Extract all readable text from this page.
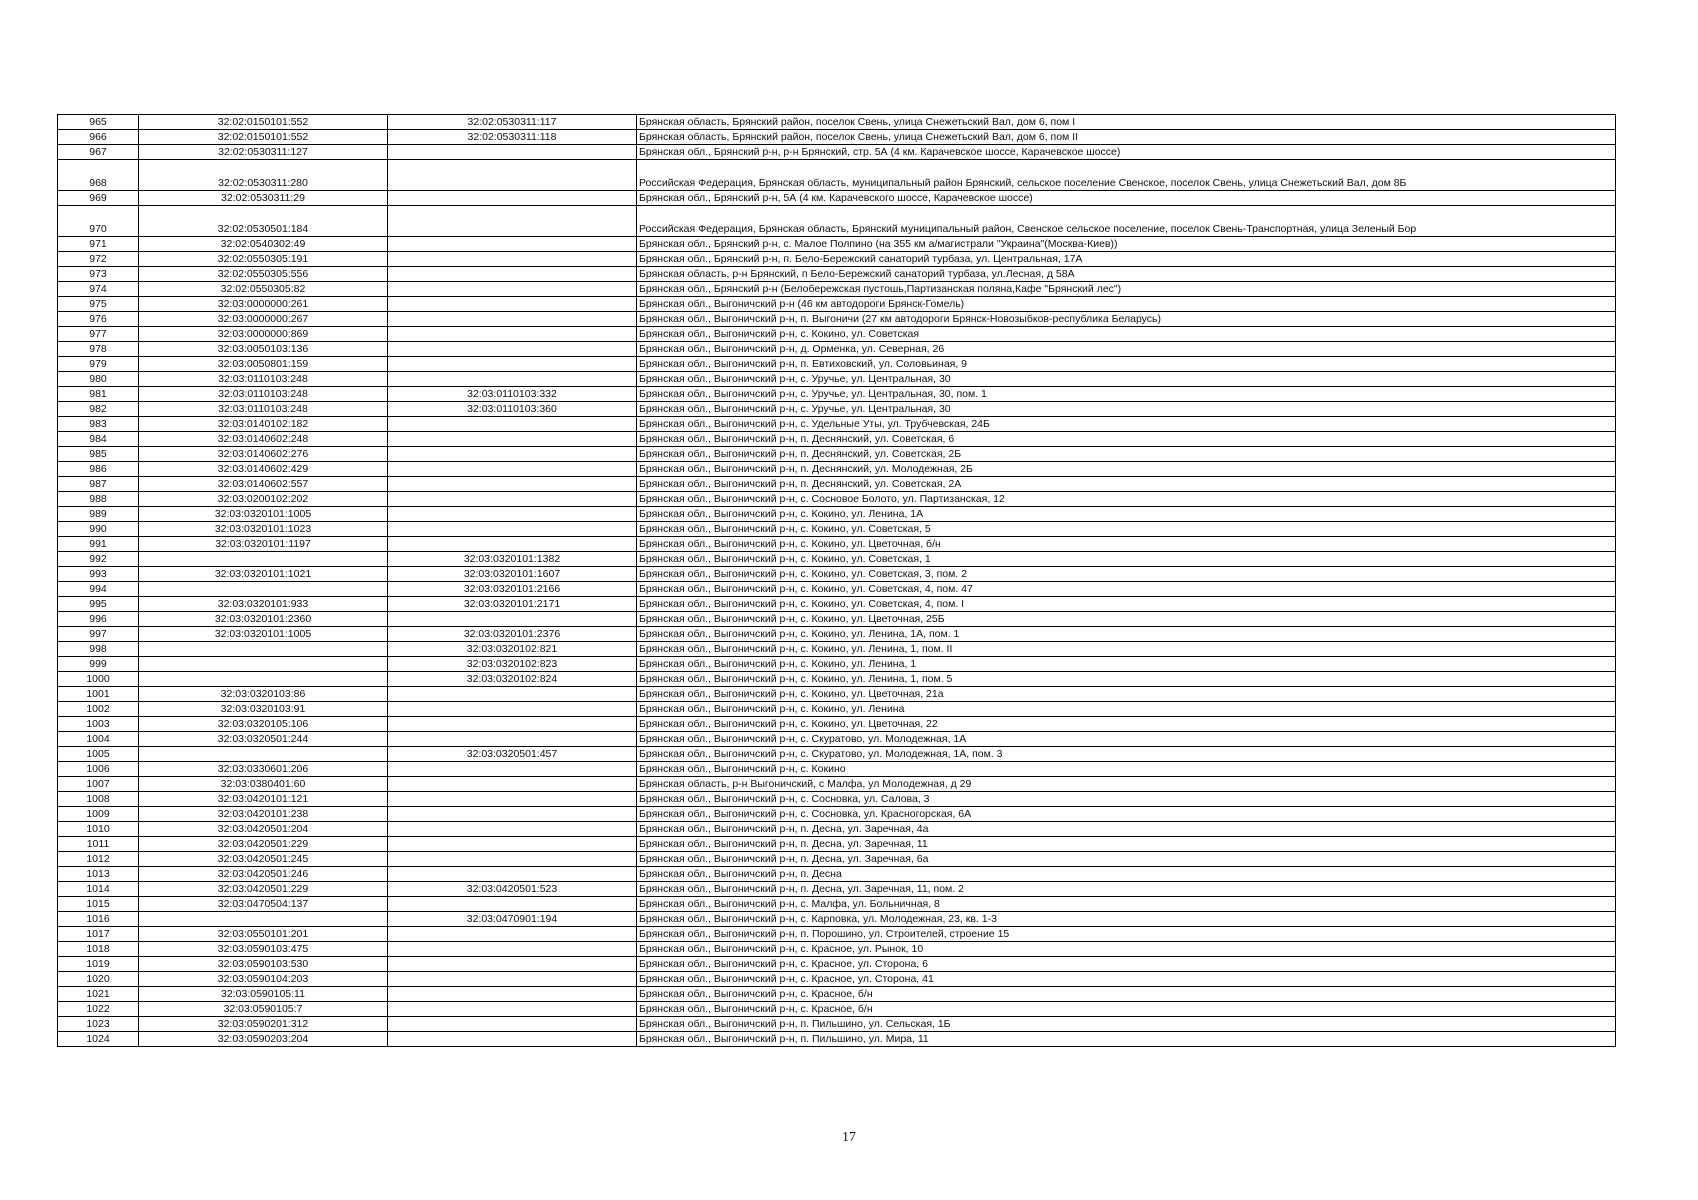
965	32:02:0150101:552	32:02:0530311:117	Брянская область, Брянский район, поселок Свень, улица Снежетьский Вал, дом 6, пом I
966	32:02:0150101:552	32:02:0530311:118	Брянская область, Брянский район, поселок Свень, улица Снежетьский Вал, дом 6, пом II
967	32:02:0530311:127		Брянская обл., Брянский р-н, р-н Брянский, стр. 5А (4 км. Карачевское шоссе, Карачевское шоссе)
968	32:02:0530311:280		Российская Федерация, Брянская область, муниципальный район Брянский, сельское поселение Свенское, поселок Свень, улица Снежетьский Вал, дом 8Б
969	32:02:0530311:29		Брянская обл., Брянский р-н, 5А (4 км. Карачевского шоссе, Карачевское шоссе)
970	32:02:0530501:184		Российская Федерация, Брянская область, Брянский муниципальный район, Свенское сельское поселение, поселок Свень-Транспортная, улица Зеленый Бор
971	32:02:0540302:49		Брянская обл., Брянский р-н, с. Малое Полпино (на 355 км а/магистрали "Украина"(Москва-Киев))
972	32:02:0550305:191		Брянская обл., Брянский р-н, п. Бело-Бережский санаторий турбаза, ул. Центральная, 17А
973	32:02:0550305:556		Брянская область, р-н Брянский, п Бело-Бережский санаторий турбаза, ул.Лесная, д 58А
974	32:02:0550305:82		Брянская обл., Брянский р-н (Белобережская пустошь,Партизанская поляна,Кафе "Брянский лес")
975	32:03:0000000:261		Брянская обл., Выгоничский р-н (46 км автодороги Брянск-Гомель)
976	32:03:0000000:267		Брянская обл., Выгоничский р-н, п. Выгоничи (27 км автодороги Брянск-Новозыбков-республика Беларусь)
977	32:03:0000000:869		Брянская обл., Выгоничский р-н, с. Кокино, ул. Советская
978	32:03:0050103:136		Брянская обл., Выгоничский р-н, д. Орменка, ул. Северная, 26
979	32:03:0050801:159		Брянская обл., Выгоничский р-н, п. Евтиховский, ул. Соловьиная, 9
980	32:03:0110103:248		Брянская обл., Выгоничский р-н, с. Уручье, ул. Центральная, 30
981	32:03:0110103:248	32:03:0110103:332	Брянская обл., Выгоничский р-н, с. Уручье, ул. Центральная, 30, пом. 1
982	32:03:0110103:248	32:03:0110103:360	Брянская обл., Выгоничский р-н, с. Уручье, ул. Центральная, 30
983	32:03:0140102:182		Брянская обл., Выгоничский р-н, с. Удельные Уты, ул. Трубчевская, 24Б
984	32:03:0140602:248		Брянская обл., Выгоничский р-н, п. Деснянский, ул. Советская, 6
985	32:03:0140602:276		Брянская обл., Выгоничский р-н, п. Деснянский, ул. Советская, 2Б
986	32:03:0140602:429		Брянская обл., Выгоничский р-н, п. Деснянский, ул. Молодежная, 2Б
987	32:03:0140602:557		Брянская обл., Выгоничский р-н, п. Деснянский, ул. Советская, 2А
988	32:03:0200102:202		Брянская обл., Выгоничский р-н, с. Сосновое Болото, ул. Партизанская, 12
989	32:03:0320101:1005		Брянская обл., Выгоничский р-н, с. Кокино, ул. Ленина, 1А
990	32:03:0320101:1023		Брянская обл., Выгоничский р-н, с. Кокино, ул. Советская, 5
991	32:03:0320101:1197		Брянская обл., Выгоничский р-н, с. Кокино, ул. Цветочная, б/н
992		32:03:0320101:1382	Брянская обл., Выгоничский р-н, с. Кокино, ул. Советская, 1
993	32:03:0320101:1021	32:03:0320101:1607	Брянская обл., Выгоничский р-н, с. Кокино, ул. Советская, 3, пом. 2
994		32:03:0320101:2166	Брянская обл., Выгоничский р-н, с. Кокино, ул. Советская, 4, пом. 47
995	32:03:0320101:933	32:03:0320101:2171	Брянская обл., Выгоничский р-н, с. Кокино, ул. Советская, 4, пом. I
996	32:03:0320101:2360		Брянская обл., Выгоничский р-н, с. Кокино, ул. Цветочная, 25Б
997	32:03:0320101:1005	32:03:0320101:2376	Брянская обл., Выгоничский р-н, с. Кокино, ул. Ленина, 1А, пом. 1
998		32:03:0320102:821	Брянская обл., Выгоничский р-н, с. Кокино, ул. Ленина, 1, пом. II
999		32:03:0320102:823	Брянская обл., Выгоничский р-н, с. Кокино, ул. Ленина, 1
1000		32:03:0320102:824	Брянская обл., Выгоничский р-н, с. Кокино, ул. Ленина, 1, пом. 5
1001	32:03:0320103:86		Брянская обл., Выгоничский р-н, с. Кокино, ул. Цветочная, 21а
1002	32:03:0320103:91		Брянская обл., Выгоничский р-н, с. Кокино, ул. Ленина
1003	32:03:0320105:106		Брянская обл., Выгоничский р-н, с. Кокино, ул. Цветочная, 22
1004	32:03:0320501:244		Брянская обл., Выгоничский р-н, с. Скуратово, ул. Молодежная, 1А
1005		32:03:0320501:457	Брянская обл., Выгоничский р-н, с. Скуратово, ул. Молодежная, 1А, пом. 3
1006	32:03:0330601:206		Брянская обл., Выгоничский р-н, с. Кокино
1007	32:03:0380401:60		Брянская область, р-н Выгоничский, с Малфа, ул Молодежная, д 29
1008	32:03:0420101:121		Брянская обл., Выгоничский р-н, с. Сосновка, ул. Салова, 3
1009	32:03:0420101:238		Брянская обл., Выгоничский р-н, с. Сосновка, ул. Красногорская, 6А
1010	32:03:0420501:204		Брянская обл., Выгоничский р-н, п. Десна, ул. Заречная, 4а
1011	32:03:0420501:229		Брянская обл., Выгоничский р-н, п. Десна, ул. Заречная, 11
1012	32:03:0420501:245		Брянская обл., Выгоничский р-н, п. Десна, ул. Заречная, 6а
1013	32:03:0420501:246		Брянская обл., Выгоничский р-н, п. Десна
1014	32:03:0420501:229	32:03:0420501:523	Брянская обл., Выгоничский р-н, п. Десна, ул. Заречная, 11, пом. 2
1015	32:03:0470504:137		Брянская обл., Выгоничский р-н, с. Малфа, ул. Больничная, 8
1016		32:03:0470901:194	Брянская обл., Выгоничский р-н, с. Карповка, ул. Молодежная, 23, кв. 1-3
1017	32:03:0550101:201		Брянская обл., Выгоничский р-н, п. Порошино, ул. Строителей, строение 15
1018	32:03:0590103:475		Брянская обл., Выгоничский р-н, с. Красное, ул. Рынок, 10
1019	32:03:0590103:530		Брянская обл., Выгоничский р-н, с. Красное, ул. Сторона, 6
1020	32:03:0590104:203		Брянская обл., Выгоничский р-н, с. Красное, ул. Сторона, 41
1021	32:03:0590105:11		Брянская обл., Выгоничский р-н, с. Красное, б/н
1022	32:03:0590105:7		Брянская обл., Выгоничский р-н, с. Красное, б/н
1023	32:03:0590201:312		Брянская обл., Выгоничский р-н, п. Пильшино, ул. Сельская, 1Б
1024	32:03:0590203:204		Брянская обл., Выгоничский р-н, п. Пильшино, ул. Мира, 11
17
